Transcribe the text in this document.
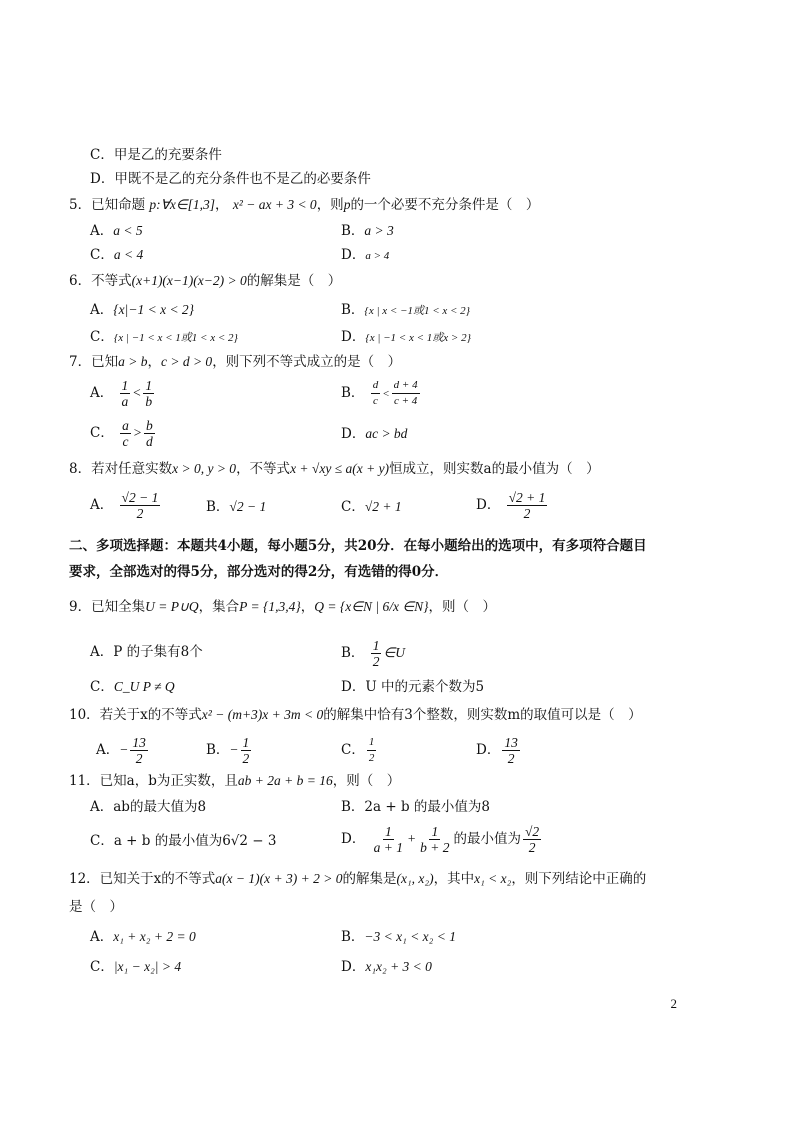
C．甲是乙的充要条件
D．甲既不是乙的充分条件也不是乙的必要条件
5．已知命题 p:∀x∈[1,3]， x² − ax + 3 < 0，则p的一个必要不充分条件是（　）
A．a < 5	B．a > 3
C．a < 4	D．a > 4
6．不等式(x+1)(x−1)(x−2) > 0的解集是（　）
A．{x|−1 < x < 2}	B．{x | x < −1或1 < x < 2}
C．{x | −1 < x < 1或1 < x < 2}	D．{x | −1 < x < 1或x > 2}
7．已知a > b，c > d > 0，则下列不等式成立的是（　）
A． $\frac{1}{a} < \frac{1}{b}$	B． $\frac{d}{c} < \frac{d + 4}{c + 4}$
C． $\frac{a}{c} > \frac{b}{d}$	D．ac > bd
8．若对任意实数x > 0, y > 0，不等式x + √xy ≤ a(x + y)恒成立，则实数a的最小值为（　）
A． $\frac{√2 - 1}{2}$	B．√2 − 1	C．√2 + 1	D． $\frac{√2 + 1}{2}$
二、多项选择题：本题共4小题，每小题5分，共20分．在每小题给出的选项中，有多项符合题目
要求，全部选对的得5分，部分选对的得2分，有选错的得0分．
9．已知全集U = P∪Q，集合P = {1,3,4}，Q = {x∈N | 6/x ∈N}，则（　）
A．P 的子集有8个	B． $\frac{1}{2}$ ∈U
C．C_U P ≠ Q	D．U 中的元素个数为5
10．若关于x的不等式x² − (m+3)x + 3m < 0的解集中恰有3个整数，则实数m的取值可以是（　）
A．− $\frac{13}{2}$	B．− $\frac{1}{2}$	C． $\frac{1}{2}$	D． $\frac{13}{2}$
11．已知a，b为正实数，且ab + 2a + b = 16，则（　）
A．ab的最大值为8	B．2a + b 的最小值为8
C．a + b 的最小值为6√2 − 3	D． $\frac{1}{a + 1} + \frac{1}{b + 2}$ 的最小值为 $\frac{√2}{2}$
12．已知关于x的不等式a(x − 1)(x + 3) + 2 > 0的解集是(x₁, x₂)，其中x₁ < x₂，则下列结论中正确的
是（　）
A．x₁ + x₂ + 2 = 0	B．−3 < x₁ < x₂ < 1
C．|x₁ − x₂| > 4	D．x₁x₂ + 3 < 0
2
